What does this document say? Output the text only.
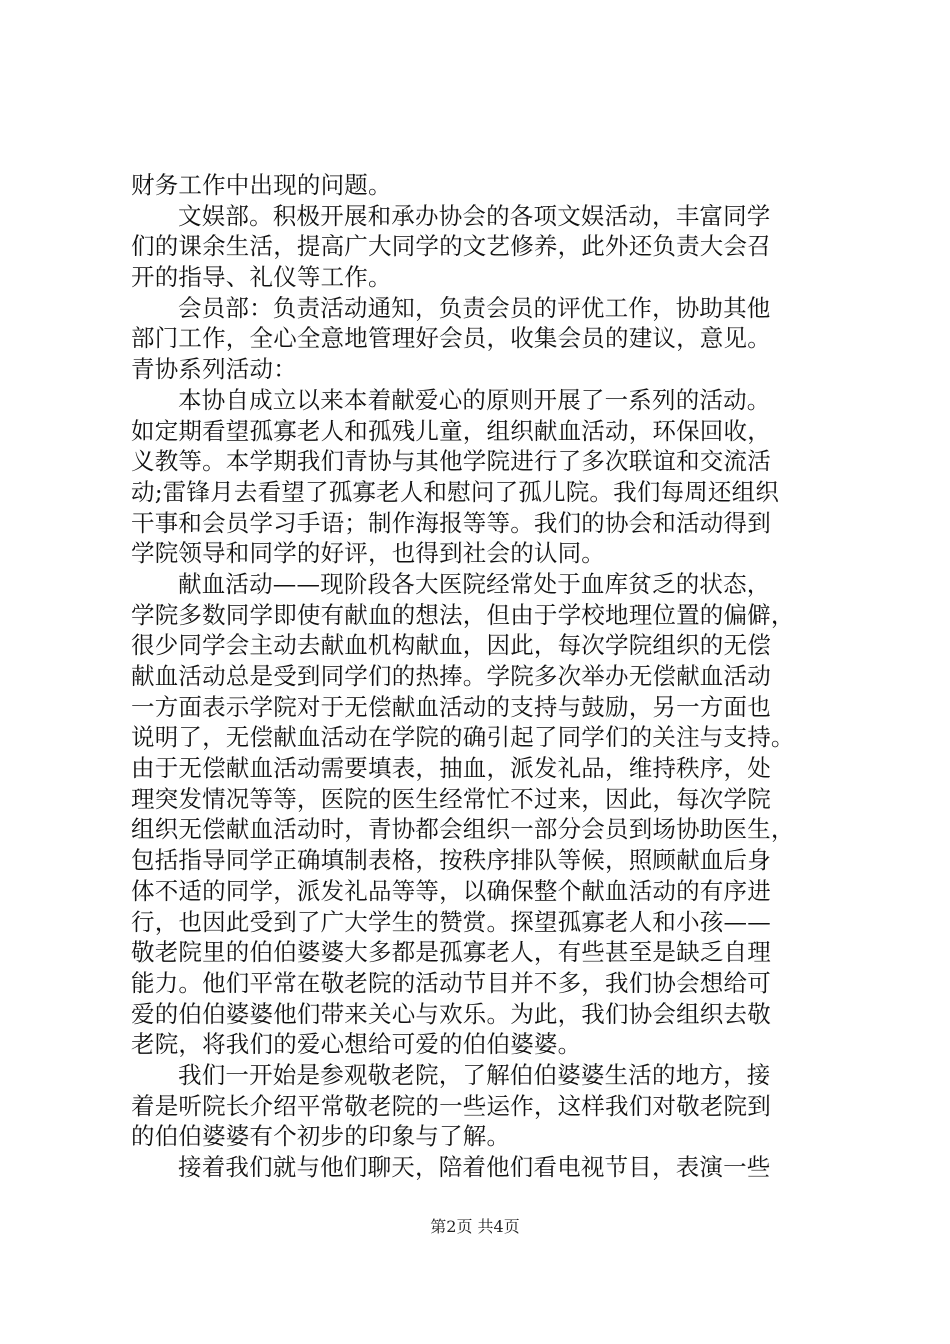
财务工作中出现的问题。
文娱部。积极开展和承办协会的各项文娱活动，丰富同学
们的课余生活，提高广大同学的文艺修养，此外还负责大会召
开的指导、礼仪等工作。
会员部：负责活动通知，负责会员的评优工作，协助其他
部门工作，全心全意地管理好会员，收集会员的建议，意见。
青协系列活动：
本协自成立以来本着献爱心的原则开展了一系列的活动。
如定期看望孤寡老人和孤残儿童，组织献血活动，环保回收，
义教等。本学期我们青协与其他学院进行了多次联谊和交流活
动;雷锋月去看望了孤寡老人和慰问了孤儿院。我们每周还组织
干事和会员学习手语；制作海报等等。我们的协会和活动得到
学院领导和同学的好评，也得到社会的认同。
献血活动——现阶段各大医院经常处于血库贫乏的状态，
学院多数同学即使有献血的想法，但由于学校地理位置的偏僻，
很少同学会主动去献血机构献血，因此，每次学院组织的无偿
献血活动总是受到同学们的热捧。学院多次举办无偿献血活动
一方面表示学院对于无偿献血活动的支持与鼓励，另一方面也
说明了，无偿献血活动在学院的确引起了同学们的关注与支持。
由于无偿献血活动需要填表，抽血，派发礼品，维持秩序，处
理突发情况等等，医院的医生经常忙不过来，因此，每次学院
组织无偿献血活动时，青协都会组织一部分会员到场协助医生，
包括指导同学正确填制表格，按秩序排队等候，照顾献血后身
体不适的同学，派发礼品等等，以确保整个献血活动的有序进
行，也因此受到了广大学生的赞赏。探望孤寡老人和小孩——
敬老院里的伯伯婆婆大多都是孤寡老人，有些甚至是缺乏自理
能力。他们平常在敬老院的活动节目并不多，我们协会想给可
爱的伯伯婆婆他们带来关心与欢乐。为此，我们协会组织去敬
老院，将我们的爱心想给可爱的伯伯婆婆。
我们一开始是参观敬老院，了解伯伯婆婆生活的地方，接
着是听院长介绍平常敬老院的一些运作，这样我们对敬老院到
的伯伯婆婆有个初步的印象与了解。
接着我们就与他们聊天，陪着他们看电视节目，表演一些
第2页 共4页
